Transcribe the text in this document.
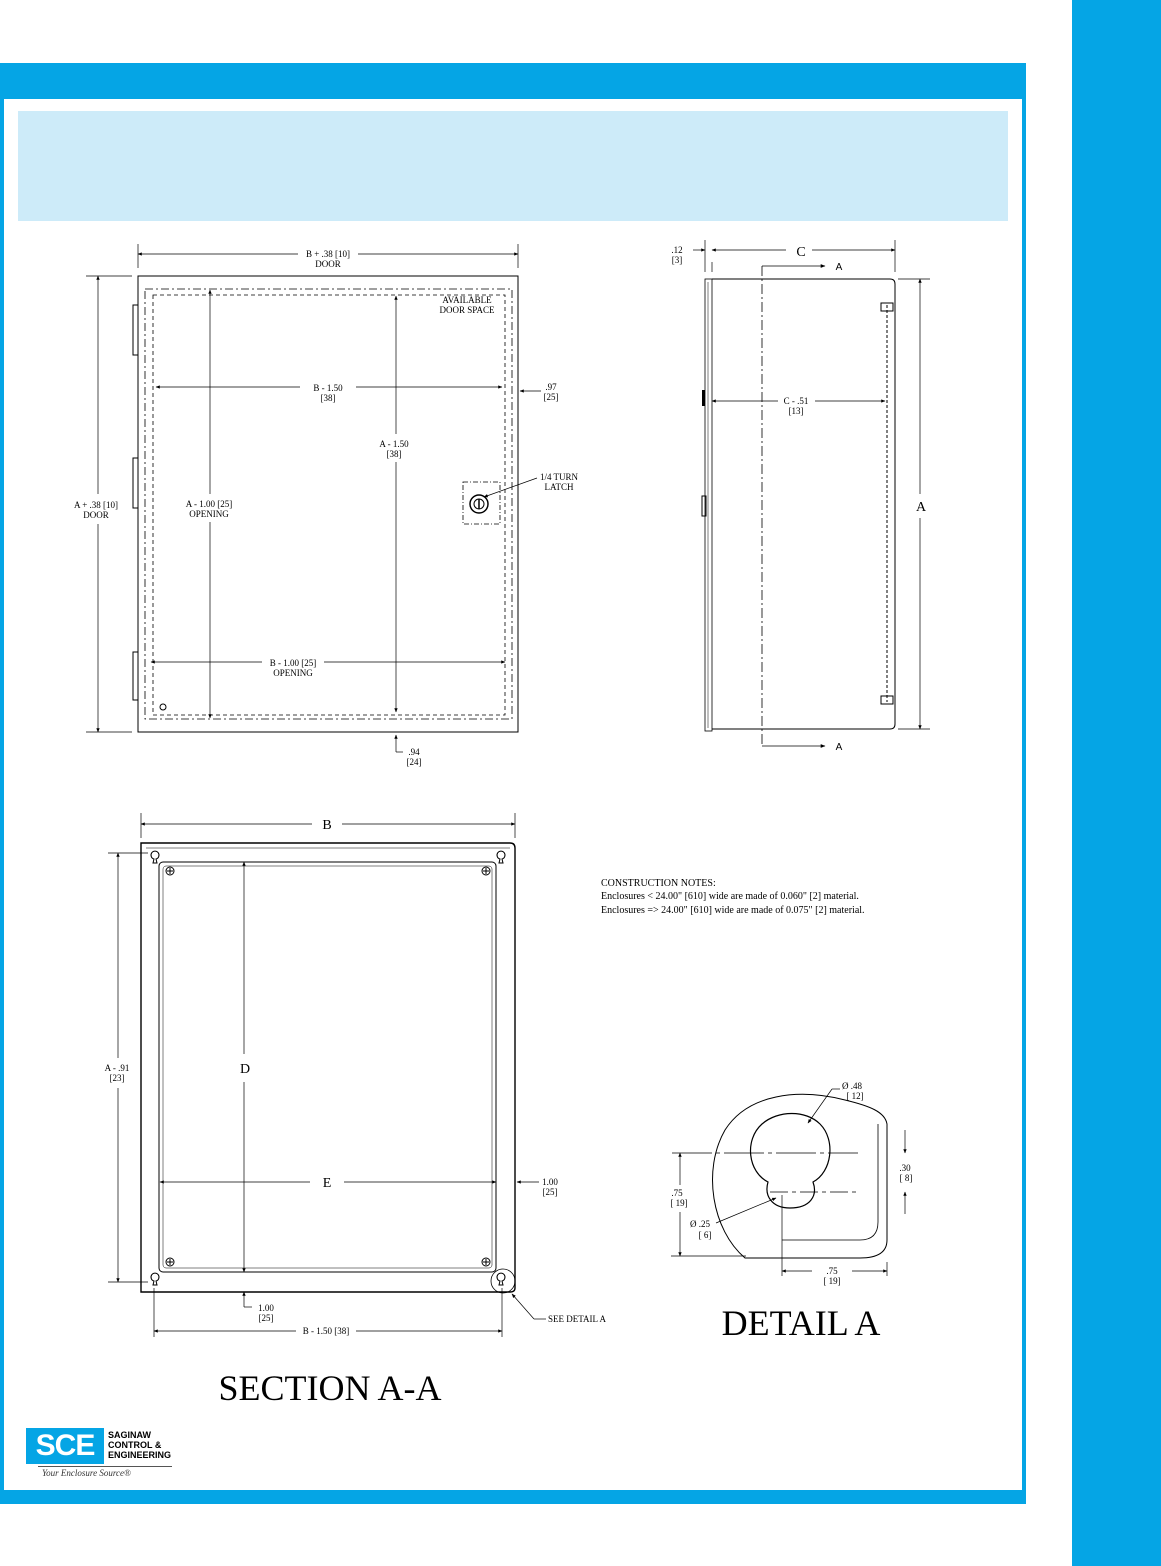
B + .38 [10]
DOOR
A + .38 [10]
DOOR
AVAILABLE
DOOR SPACE
B - 1.50
[38]
.97
[25]
A - 1.50
[38]
A - 1.00 [25]
OPENING
1/4 TURN
LATCH
B - 1.00 [25]
OPENING
.94
[24]
.12
[3]	C
A
A
C - .51
[13]
A
B
A - .91
[23]
D
E	1.00
[25]
1.00
[25]
B - 1.50 [38]
SEE DETAIL A
SECTION A-A
CONSTRUCTION NOTES:
Enclosures < 24.00" [610] wide are made of 0.060" [2] material.
Enclosures => 24.00" [610] wide are made of 0.075" [2] material.
Ø .48
[ 12]
.30
[ 8]
.75
[ 19]
Ø .25
[ 6]
.75
[ 19]
DETAIL A
SCE	SAGINAW
CONTROL &
ENGINEERING
Your Enclosure Source®
